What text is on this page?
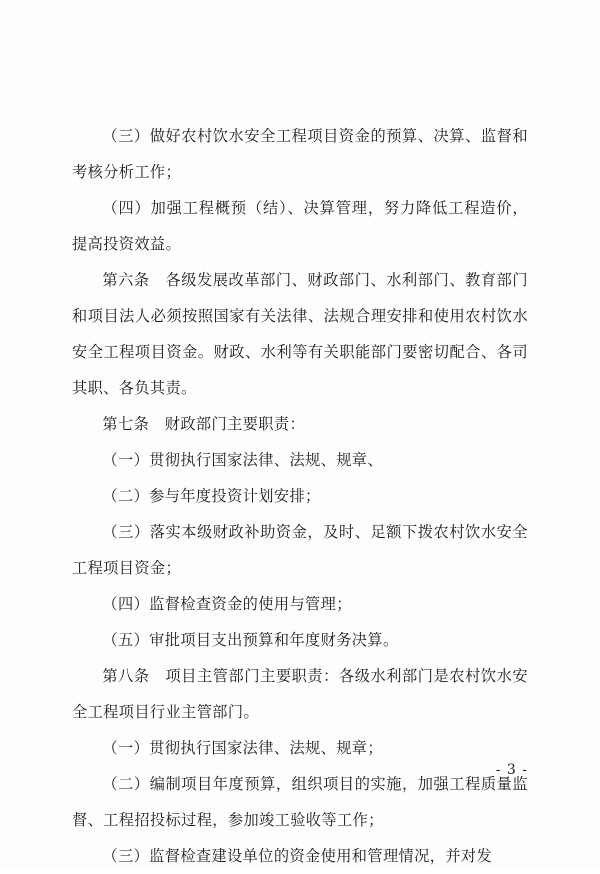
（三）做好农村饮水安全工程项目资金的预算、决算、监督和考核分析工作；

（四）加强工程概预（结）、决算管理，努力降低工程造价，提高投资效益。

第六条　各级发展改革部门、财政部门、水利部门、教育部门和项目法人必须按照国家有关法律、法规合理安排和使用农村饮水安全工程项目资金。财政、水利等有关职能部门要密切配合、各司其职、各负其责。

第七条　财政部门主要职责：

（一）贯彻执行国家法律、法规、规章、

（二）参与年度投资计划安排；

（三）落实本级财政补助资金，及时、足额下拨农村饮水安全工程项目资金；

（四）监督检查资金的使用与管理；

（五）审批项目支出预算和年度财务决算。

第八条　项目主管部门主要职责：各级水利部门是农村饮水安全工程项目行业主管部门。

（一）贯彻执行国家法律、法规、规章；

（二）编制项目年度预算，组织项目的实施，加强工程质量监督、工程招投标过程，参加竣工验收等工作；

（三）监督检查建设单位的资金使用和管理情况，并对发

- 3 -
